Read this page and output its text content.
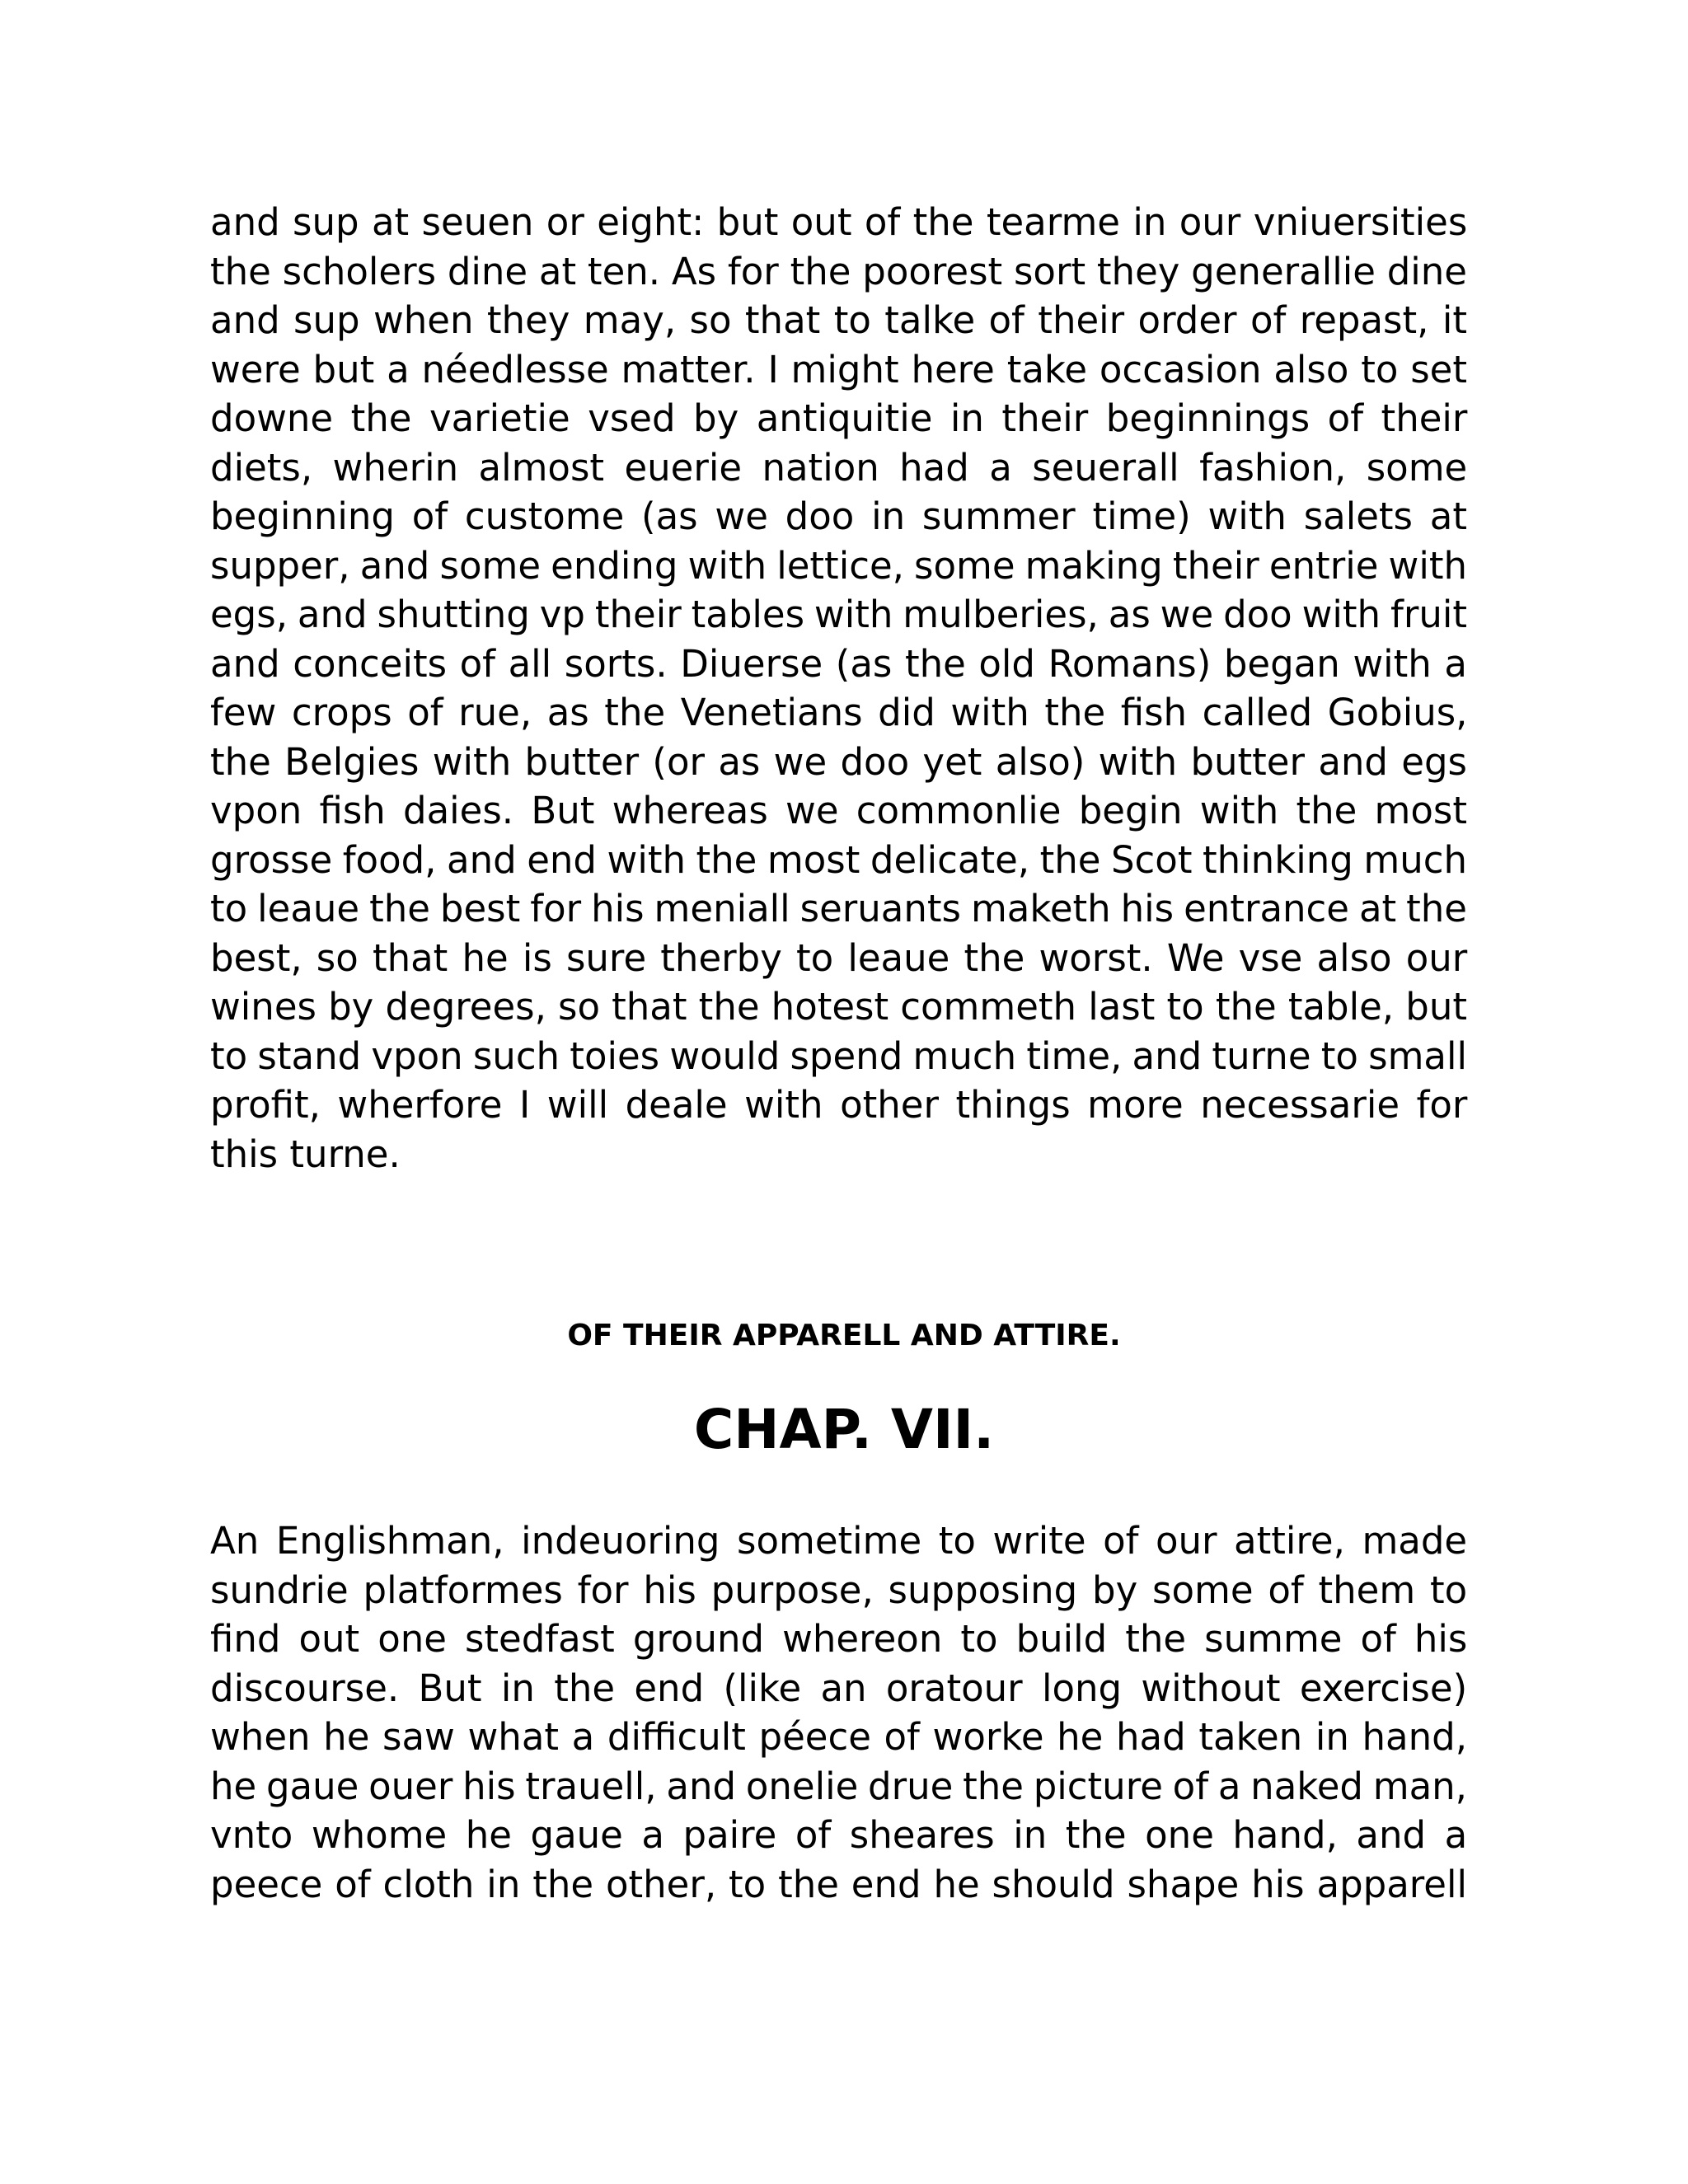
and sup at seuen or eight: but out of the tearme in our vniuersities
the scholers dine at ten. As for the poorest sort they generallie dine
and sup when they may, so that to talke of their order of repast, it
were but a néedlesse matter. I might here take occasion also to set
downe the varietie vsed by antiquitie in their beginnings of their
diets, wherin almost euerie nation had a seuerall fashion, some
beginning of custome (as we doo in summer time) with salets at
supper, and some ending with lettice, some making their entrie with
egs, and shutting vp their tables with mulberies, as we doo with fruit
and conceits of all sorts. Diuerse (as the old Romans) began with a
few crops of rue, as the Venetians did with the fish called Gobius,
the Belgies with butter (or as we doo yet also) with butter and egs
vpon fish daies. But whereas we commonlie begin with the most
grosse food, and end with the most delicate, the Scot thinking much
to leaue the best for his meniall seruants maketh his entrance at the
best, so that he is sure therby to leaue the worst. We vse also our
wines by degrees, so that the hotest commeth last to the table, but
to stand vpon such toies would spend much time, and turne to small
profit, wherfore I will deale with other things more necessarie for
this turne.
OF THEIR APPARELL AND ATTIRE.
CHAP. VII.
An Englishman, indeuoring sometime to write of our attire, made
sundrie platformes for his purpose, supposing by some of them to
find out one stedfast ground whereon to build the summe of his
discourse. But in the end (like an oratour long without exercise)
when he saw what a difficult péece of worke he had taken in hand,
he gaue ouer his trauell, and onelie drue the picture of a naked man,
vnto whome he gaue a paire of sheares in the one hand, and a
peece of cloth in the other, to the end he should shape his apparell
